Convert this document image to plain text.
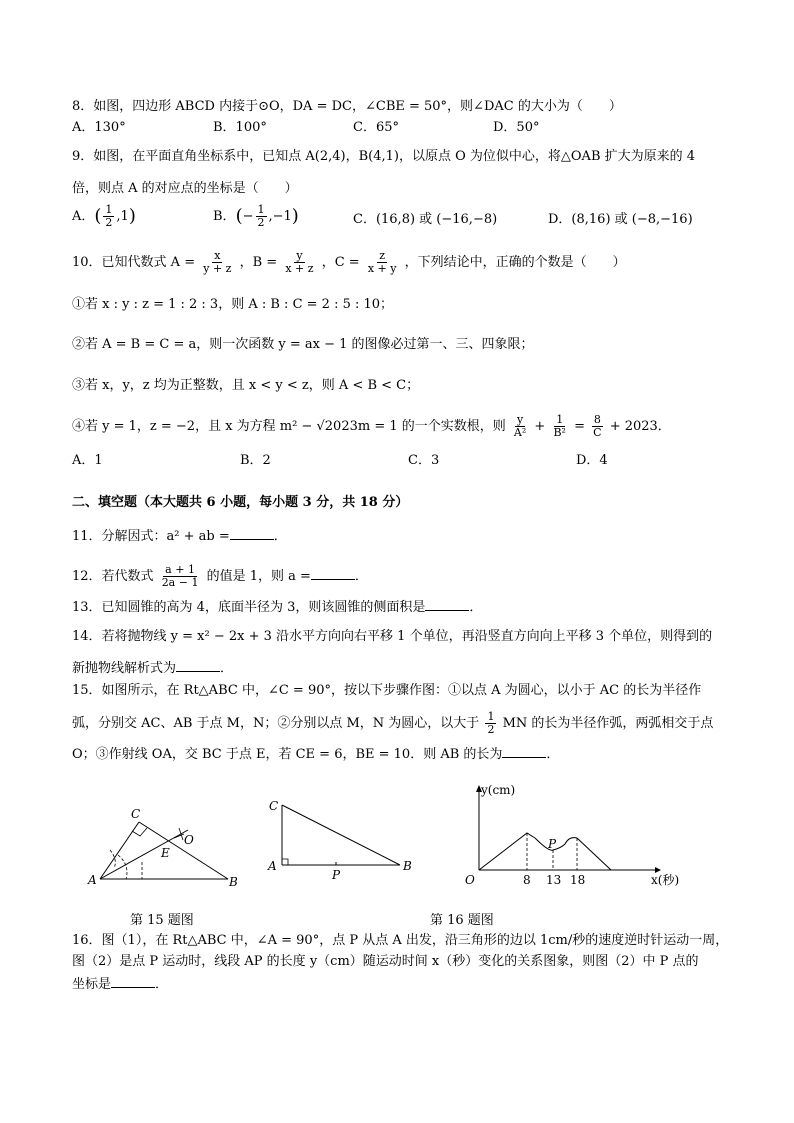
8．如图，四边形 ABCD 内接于⊙O，DA = DC，∠CBE = 50°，则∠DAC 的大小为（　　）
A．130°	B．100°	C．65°	D．50°
9．如图，在平面直角坐标系中，已知点 A(2,4)，B(4,1)，以原点 O 为位似中心，将△OAB 扩大为原来的 4
倍，则点 A 的对应点的坐标是（　　）
A．( $\frac{1}{2} ,1$)	B．(− $\frac{1}{2} ,-1$)	C．(16,8) 或 (−16,−8)	D．(8,16) 或 (−8,−16)
10．已知代数式 $A = \frac{x}{y + z}$ ，$B = \frac{y}{x + z}$ ，$C = \frac{z}{x + y}$ ，下列结论中，正确的个数是（　　）
①若 x : y : z = 1 : 2 : 3，则 A : B : C = 2 : 5 : 10；
②若 A = B = C = a，则一次函数 y = ax − 1 的图像必过第一、三、四象限；
③若 x，y，z 均为正整数，且 x < y < z，则 A < B < C；
④若 y = 1，z = −2，且 x 为方程 m² − √2023m = 1 的一个实数根，则 $\frac{y}{\text{A²}} + \frac{1}{\text{B²}} = \frac{8}{C} + 2023$．
A．1	B．2	C．3	D．4
二、填空题（本大题共 6 小题，每小题 3 分，共 18 分）
11．分解因式：a² + ab =	．
12．若代数式 $\frac{a + 1}{2a - 1}$ 的值是 1，则 a =	．
13．已知圆锥的高为 4，底面半径为 3，则该圆锥的侧面积是	．
14．若将抛物线 y = x² − 2x + 3 沿水平方向向右平移 1 个单位，再沿竖直方向向上平移 3 个单位，则得到的
新抛物线解析式为	．
15．如图所示，在 Rt△ABC 中，∠C = 90°，按以下步骤作图：①以点 A 为圆心，以小于 AC 的长为半径作
弧，分别交 AC、AB 于点 M，N；②分别以点 M，N 为圆心，以大于 $\frac{1}{2}$ MN 的长为半径作弧，两弧相交于点
O；③作射线 OA，交 BC 于点 E，若 CE = 6，BE = 10．则 AB 的长为	．
A	B
C
E
O
第 15 题图
C
A	B
P
y(cm)
x(秒)
O
P
8 13 18
第 16 题图
16．图（1），在 Rt△ABC 中，∠A = 90°，点 P 从点 A 出发，沿三角形的边以 1cm/秒的速度逆时针运动一周，
图（2）是点 P 运动时，线段 AP 的长度 y（cm）随运动时间 x（秒）变化的关系图象，则图（2）中 P 点的
坐标是	．
